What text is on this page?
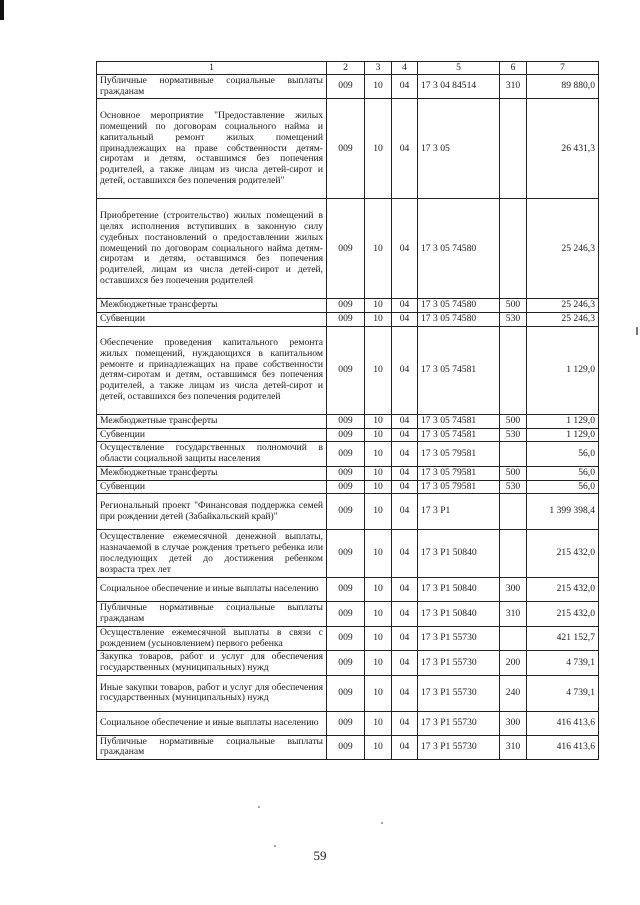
1	2	3	4	5	6	7
Публичные нормативные социальные выплаты гражданам	009	10	04	17 3 04 84514	310	89 880,0
Основное мероприятие "Предоставление жилых помещений по договорам социального найма и капитальный ремонт жилых помещений принадлежащих на праве собственности детям-сиротам и детям, оставшимся без попечения родителей, а также лицам из числа детей-сирот и детей, оставшихся без попечения родителей"	009	10	04	17 3 05		26 431,3
Приобретение (строительство) жилых помещений в целях исполнения вступивших в законную силу судебных постановлений о предоставлении жилых помещений по договорам социального найма детям-сиротам и детям, оставшимся без попечения родителей, лицам из числа детей-сирот и детей, оставшихся без попечения родителей	009	10	04	17 3 05 74580		25 246,3
Межбюджетные трансферты	009	10	04	17 3 05 74580	500	25 246,3
Субвенции	009	10	04	17 3 05 74580	530	25 246,3
Обеспечение проведения капитального ремонта жилых помещений, нуждающихся в капитальном ремонте и принадлежащих на праве собственности детям-сиротам и детям, оставшимся без попечения родителей, а также лицам из числа детей-сирот и детей, оставшихся без попечения родителей	009	10	04	17 3 05 74581		1 129,0
Межбюджетные трансферты	009	10	04	17 3 05 74581	500	1 129,0
Субвенции	009	10	04	17 3 05 74581	530	1 129,0
Осуществление государственных полномочий в области социальной защиты населения	009	10	04	17 3 05 79581		56,0
Межбюджетные трансферты	009	10	04	17 3 05 79581	500	56,0
Субвенции	009	10	04	17 3 05 79581	530	56,0
Региональный проект "Финансовая поддержка семей при рождении детей (Забайкальский край)"	009	10	04	17 3 P1		1 399 398,4
Осуществление ежемесячной денежной выплаты, назначаемой в случае рождения третьего ребенка или последующих детей до достижения ребенком возраста трех лет	009	10	04	17 3 P1 50840		215 432,0
Социальное обеспечение и иные выплаты населению	009	10	04	17 3 P1 50840	300	215 432,0
Публичные нормативные социальные выплаты гражданам	009	10	04	17 3 P1 50840	310	215 432,0
Осуществление ежемесячной выплаты в связи с рождением (усыновлением) первого ребенка	009	10	04	17 3 P1 55730		421 152,7
Закупка товаров, работ и услуг для обеспечения государственных (муниципальных) нужд	009	10	04	17 3 P1 55730	200	4 739,1
Иные закупки товаров, работ и услуг для обеспечения государственных (муниципальных) нужд	009	10	04	17 3 P1 55730	240	4 739,1
Социальное обеспечение и иные выплаты населению	009	10	04	17 3 P1 55730	300	416 413,6
Публичные нормативные социальные выплаты гражданам	009	10	04	17 3 P1 55730	310	416 413,6
59
